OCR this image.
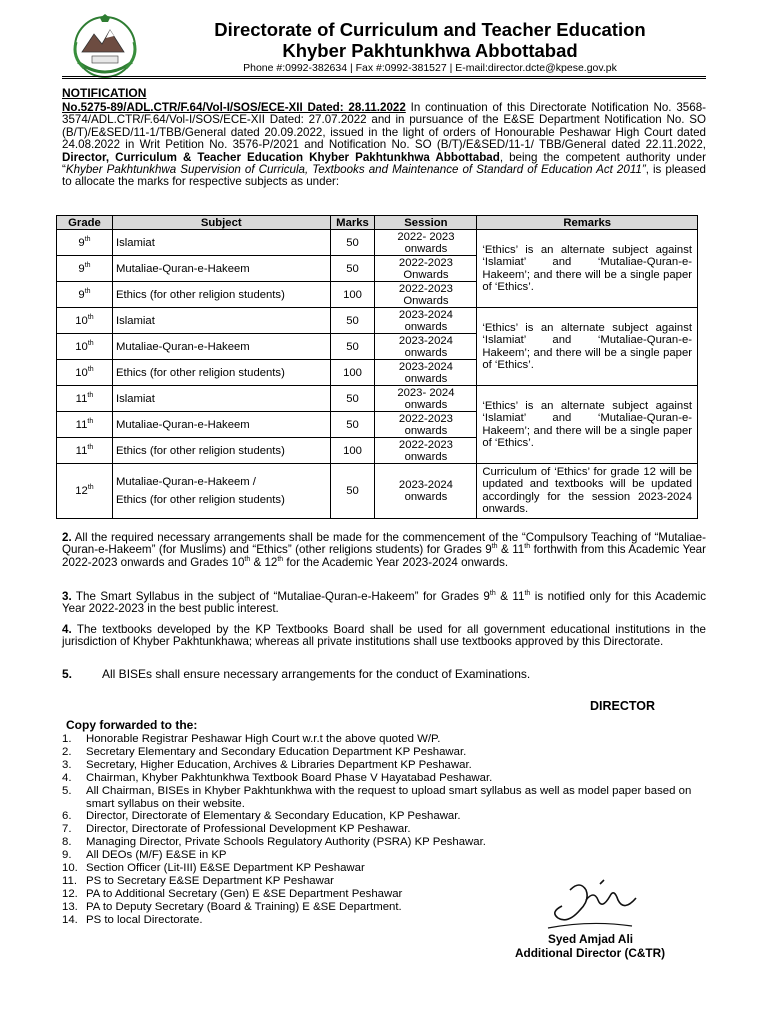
Directorate of Curriculum and Teacher Education
Khyber Pakhtunkhwa Abbottabad
Phone #:0992-382634 | Fax #:0992-381527 | E-mail:director.dcte@kpese.gov.pk
NOTIFICATION
No.5275-89/ADL.CTR/F.64/Vol-I/SOS/ECE-XII Dated: 28.11.2022 In continuation of this Directorate Notification No. 3568-3574/ADL.CTR/F.64/Vol-I/SOS/ECE-XII Dated: 27.07.2022 and in pursuance of the E&SE Department Notification No. SO (B/T)/E&SED/11-1/TBB/General dated 20.09.2022, issued in the light of orders of Honourable Peshawar High Court dated 24.08.2022 in Writ Petition No. 3576-P/2021 and Notification No. SO (B/T)/E&SED/11-1/ TBB/General dated 22.11.2022, Director, Curriculum & Teacher Education Khyber Pakhtunkhwa Abbottabad, being the competent authority under “Khyber Pakhtunkhwa Supervision of Curricula, Textbooks and Maintenance of Standard of Education Act 2011”, is pleased to allocate the marks for respective subjects as under:
Grade	Subject	Marks	Session	Remarks
9th	Islamiat	50	2022- 2023 onwards	‘Ethics’ is an alternate subject against ‘Islamiat’ and ‘Mutaliae-Quran-e-Hakeem’; and there will be a single paper of ‘Ethics’.
9th	Mutaliae-Quran-e-Hakeem	50	2022-2023 Onwards	
9th	Ethics (for other religion students)	100	2022-2023 Onwards	
10th	Islamiat	50	2023-2024 onwards	‘Ethics’ is an alternate subject against ‘Islamiat’ and ‘Mutaliae-Quran-e-Hakeem’; and there will be a single paper of ‘Ethics’.
10th	Mutaliae-Quran-e-Hakeem	50	2023-2024 onwards	
10th	Ethics (for other religion students)	100	2023-2024 onwards	
11th	Islamiat	50	2023- 2024 onwards	‘Ethics’ is an alternate subject against ‘Islamiat’ and ‘Mutaliae-Quran-e-Hakeem’; and there will be a single paper of ‘Ethics’.
11th	Mutaliae-Quran-e-Hakeem	50	2022-2023 onwards	
11th	Ethics (for other religion students)	100	2022-2023 onwards	
12th	Mutaliae-Quran-e-Hakeem /
Ethics (for other religion students)	50	2023-2024 onwards	Curriculum of ‘Ethics’ for grade 12 will be updated and textbooks will be updated accordingly for the session 2023-2024 onwards.
2. All the required necessary arrangements shall be made for the commencement of the “Compulsory Teaching of “Mutaliae-Quran-e-Hakeem” (for Muslims) and “Ethics” (other religions students) for Grades 9th & 11th forthwith from this Academic Year 2022-2023 onwards and Grades 10th & 12th for the Academic Year 2023-2024 onwards.
3. The Smart Syllabus in the subject of “Mutaliae-Quran-e-Hakeem” for Grades 9th & 11th is notified only for this Academic Year 2022-2023 in the best public interest.
4. The textbooks developed by the KP Textbooks Board shall be used for all government educational institutions in the jurisdiction of Khyber Pakhtunkhawa; whereas all private institutions shall use textbooks approved by this Directorate.
5.	All BISEs shall ensure necessary arrangements for the conduct of Examinations.
DIRECTOR
Copy forwarded to the:
1. Honorable Registrar Peshawar High Court w.r.t the above quoted W/P.
2. Secretary Elementary and Secondary Education Department KP Peshawar.
3. Secretary, Higher Education, Archives & Libraries Department KP Peshawar.
4. Chairman, Khyber Pakhtunkhwa Textbook Board Phase V Hayatabad Peshawar.
5. All Chairman, BISEs in Khyber Pakhtunkhwa with the request to upload smart syllabus as well as model paper based on smart syllabus on their website.
6. Director, Directorate of Elementary & Secondary Education, KP Peshawar.
7. Director, Directorate of Professional Development KP Peshawar.
8. Managing Director, Private Schools Regulatory Authority (PSRA) KP Peshawar.
9. All DEOs (M/F) E&SE in KP
10. Section Officer (Lit-III) E&SE Department KP Peshawar
11. PS to Secretary E&SE Department KP Peshawar
12. PA to Additional Secretary (Gen) E &SE Department Peshawar
13. PA to Deputy Secretary (Board & Training) E &SE Department.
14. PS to local Directorate.
Syed Amjad Ali
Additional Director (C&TR)
